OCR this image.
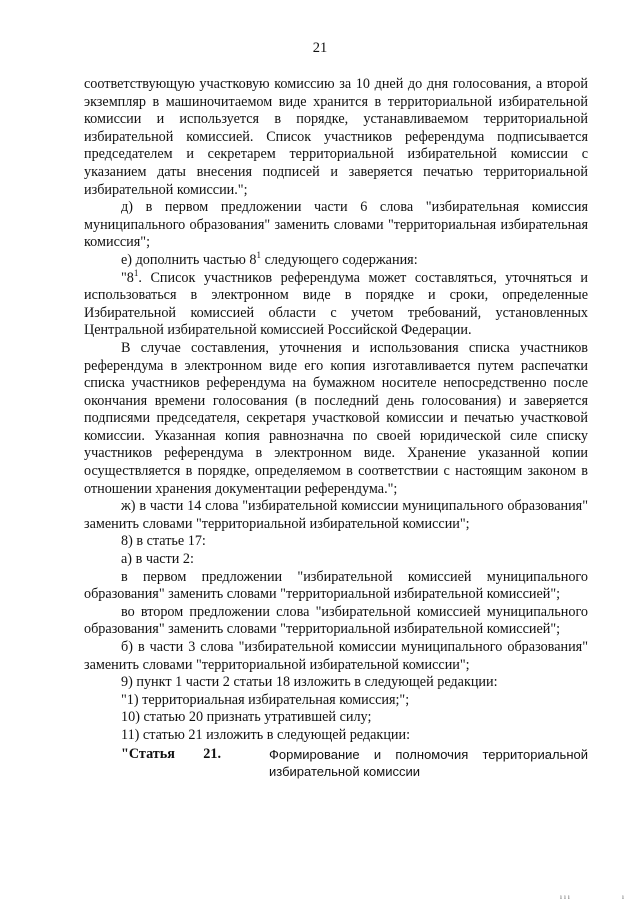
21

соответствующую участковую комиссию за 10 дней до дня голосования, а второй экземпляр в машиночитаемом виде хранится в территориальной избирательной комиссии и используется в порядке, устанавливаемом территориальной избирательной комиссией. Список участников референдума подписывается председателем и секретарем территориальной избирательной комиссии с указанием даты внесения подписей и заверяется печатью территориальной избирательной комиссии.";

д) в первом предложении части 6 слова "избирательная комиссия муниципального образования" заменить словами "территориальная избирательная комиссия";

е) дополнить частью $8^1$ следующего содержания:

"$8^1$. Список участников референдума может составляться, уточняться и использоваться в электронном виде в порядке и сроки, определенные Избирательной комиссией области с учетом требований, установленных Центральной избирательной комиссией Российской Федерации.

В случае составления, уточнения и использования списка участников референдума в электронном виде его копия изготавливается путем распечатки списка участников референдума на бумажном носителе непосредственно после окончания времени голосования (в последний день голосования) и заверяется подписями председателя, секретаря участковой комиссии и печатью участковой комиссии. Указанная копия равнозначна по своей юридической силе списку участников референдума в электронном виде. Хранение указанной копии осуществляется в порядке, определяемом в соответствии с настоящим законом в отношении хранения документации референдума.";

ж) в части 14 слова "избирательной комиссии муниципального образования" заменить словами "территориальной избирательной комиссии";

8) в статье 17:

а) в части 2:

в первом предложении "избирательной комиссией муниципального образования" заменить словами "территориальной избирательной комиссией";

во втором предложении слова "избирательной комиссией муниципального образования" заменить словами "территориальной избирательной комиссией";

б) в части 3 слова "избирательной комиссии муниципального образования" заменить словами "территориальной избирательной комиссии";

9) пункт 1 части 2 статьи 18 изложить в следующей редакции:

"1) территориальная избирательная комиссия;";

10) статью 20 признать утратившей силу;

11) статью 21 изложить в следующей редакции:

"Статья 21.	Формирование и полномочия территориальной избирательной комиссии
ııı	ı
